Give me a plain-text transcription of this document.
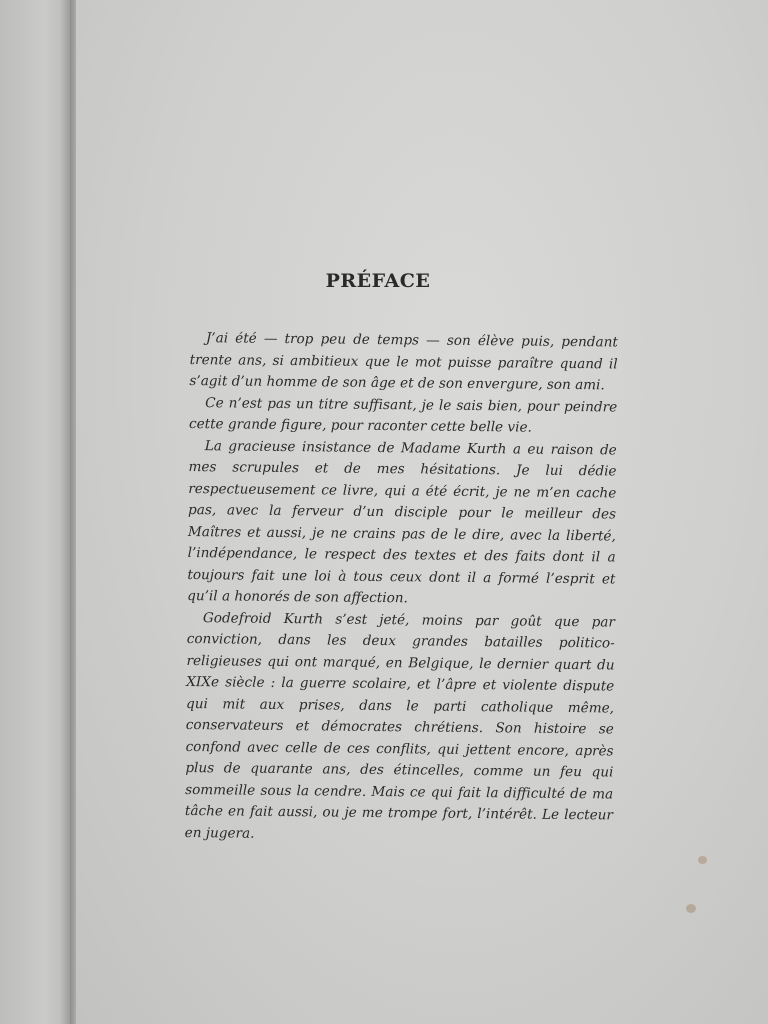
PRÉFACE

J’ai été — trop peu de temps — son élève puis, pendant trente ans, si ambitieux que le mot puisse paraître quand il s’agit d’un homme de son âge et de son envergure, son ami.

Ce n’est pas un titre suffisant, je le sais bien, pour peindre cette grande figure, pour raconter cette belle vie.

La gracieuse insistance de Madame Kurth a eu raison de mes scrupules et de mes hésitations. Je lui dédie respectueusement ce livre, qui a été écrit, je ne m’en cache pas, avec la ferveur d’un disciple pour le meilleur des Maîtres et aussi, je ne crains pas de le dire, avec la liberté, l’indépendance, le respect des textes et des faits dont il a toujours fait une loi à tous ceux dont il a formé l’esprit et qu’il a honorés de son affection.

Godefroid Kurth s’est jeté, moins par goût que par conviction, dans les deux grandes batailles politico-religieuses qui ont marqué, en Belgique, le dernier quart du XIXe siècle : la guerre scolaire, et l’âpre et violente dispute qui mit aux prises, dans le parti catholique même, conservateurs et démocrates chrétiens. Son histoire se confond avec celle de ces conflits, qui jettent encore, après plus de quarante ans, des étincelles, comme un feu qui sommeille sous la cendre. Mais ce qui fait la difficulté de ma tâche en fait aussi, ou je me trompe fort, l’intérêt. Le lecteur en jugera.
